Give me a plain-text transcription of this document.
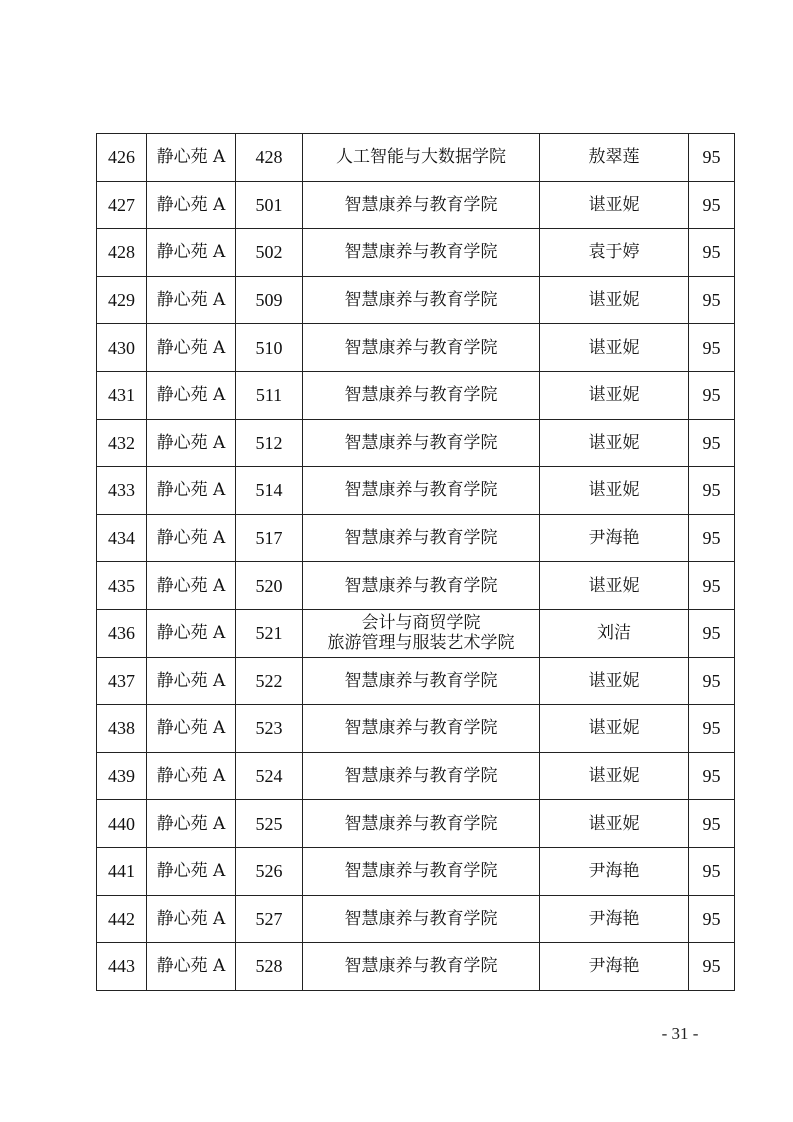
426	静心苑 A	428	人工智能与大数据学院	敖翠莲	95
427	静心苑 A	501	智慧康养与教育学院	谌亚妮	95
428	静心苑 A	502	智慧康养与教育学院	袁于婷	95
429	静心苑 A	509	智慧康养与教育学院	谌亚妮	95
430	静心苑 A	510	智慧康养与教育学院	谌亚妮	95
431	静心苑 A	511	智慧康养与教育学院	谌亚妮	95
432	静心苑 A	512	智慧康养与教育学院	谌亚妮	95
433	静心苑 A	514	智慧康养与教育学院	谌亚妮	95
434	静心苑 A	517	智慧康养与教育学院	尹海艳	95
435	静心苑 A	520	智慧康养与教育学院	谌亚妮	95
436	静心苑 A	521	会计与商贸学院
旅游管理与服装艺术学院	刘洁	95
437	静心苑 A	522	智慧康养与教育学院	谌亚妮	95
438	静心苑 A	523	智慧康养与教育学院	谌亚妮	95
439	静心苑 A	524	智慧康养与教育学院	谌亚妮	95
440	静心苑 A	525	智慧康养与教育学院	谌亚妮	95
441	静心苑 A	526	智慧康养与教育学院	尹海艳	95
442	静心苑 A	527	智慧康养与教育学院	尹海艳	95
443	静心苑 A	528	智慧康养与教育学院	尹海艳	95
- 31 -
